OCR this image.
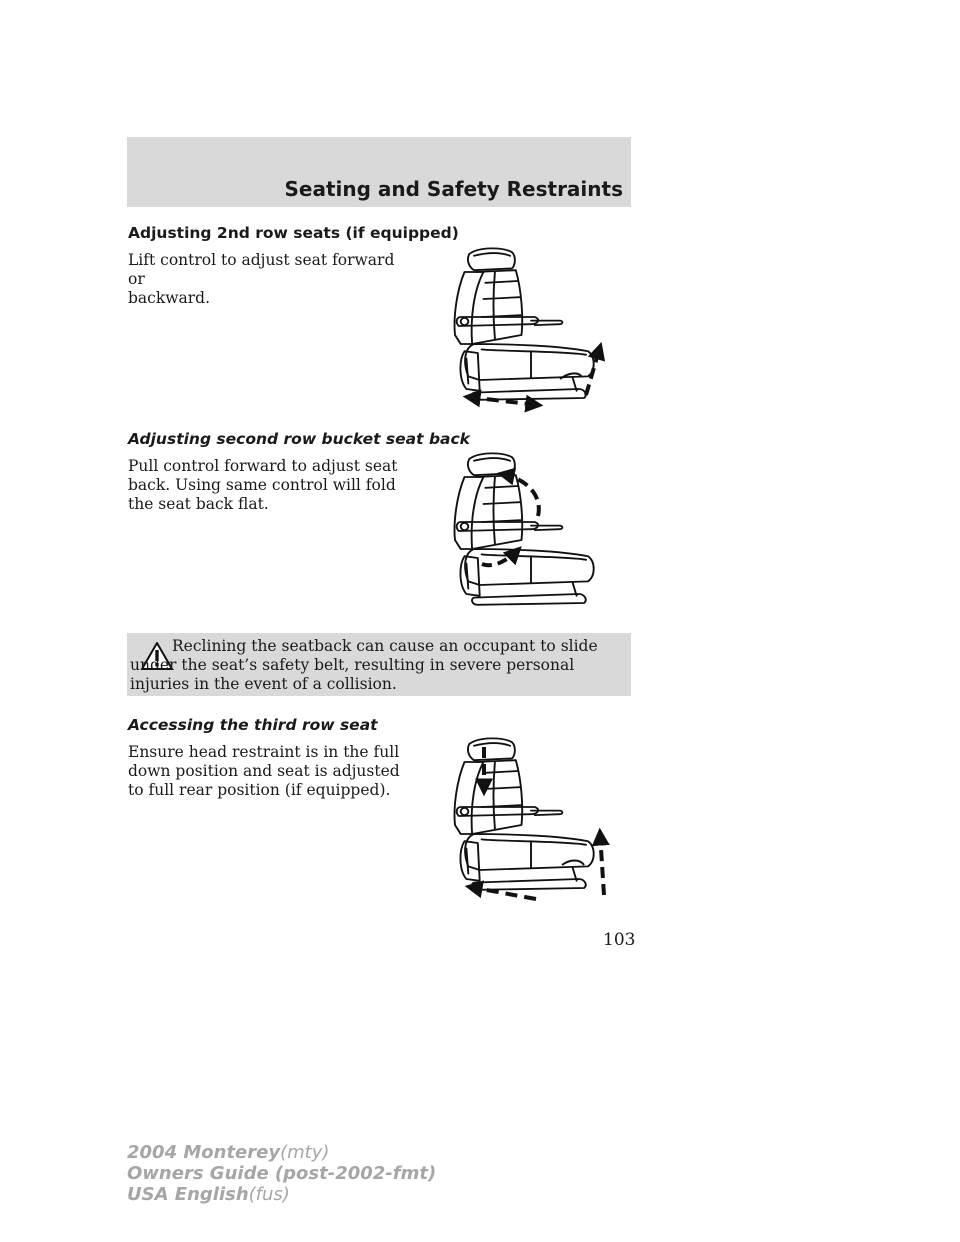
Seating and Safety Restraints
Adjusting 2nd row seats (if equipped)
Lift control to adjust seat forward or
backward.
Adjusting second row bucket seat back
Pull control forward to adjust seat
back. Using same control will fold
the seat back flat.
Reclining the seatback can cause an occupant to slide under the seat’s safety belt, resulting in severe personal injuries in the event of a collision.
Accessing the third row seat
Ensure head restraint is in the full
down position and seat is adjusted
to full rear position (if equipped).
103
2004 Monterey(mty)
Owners Guide (post-2002-fmt)
USA English(fus)
